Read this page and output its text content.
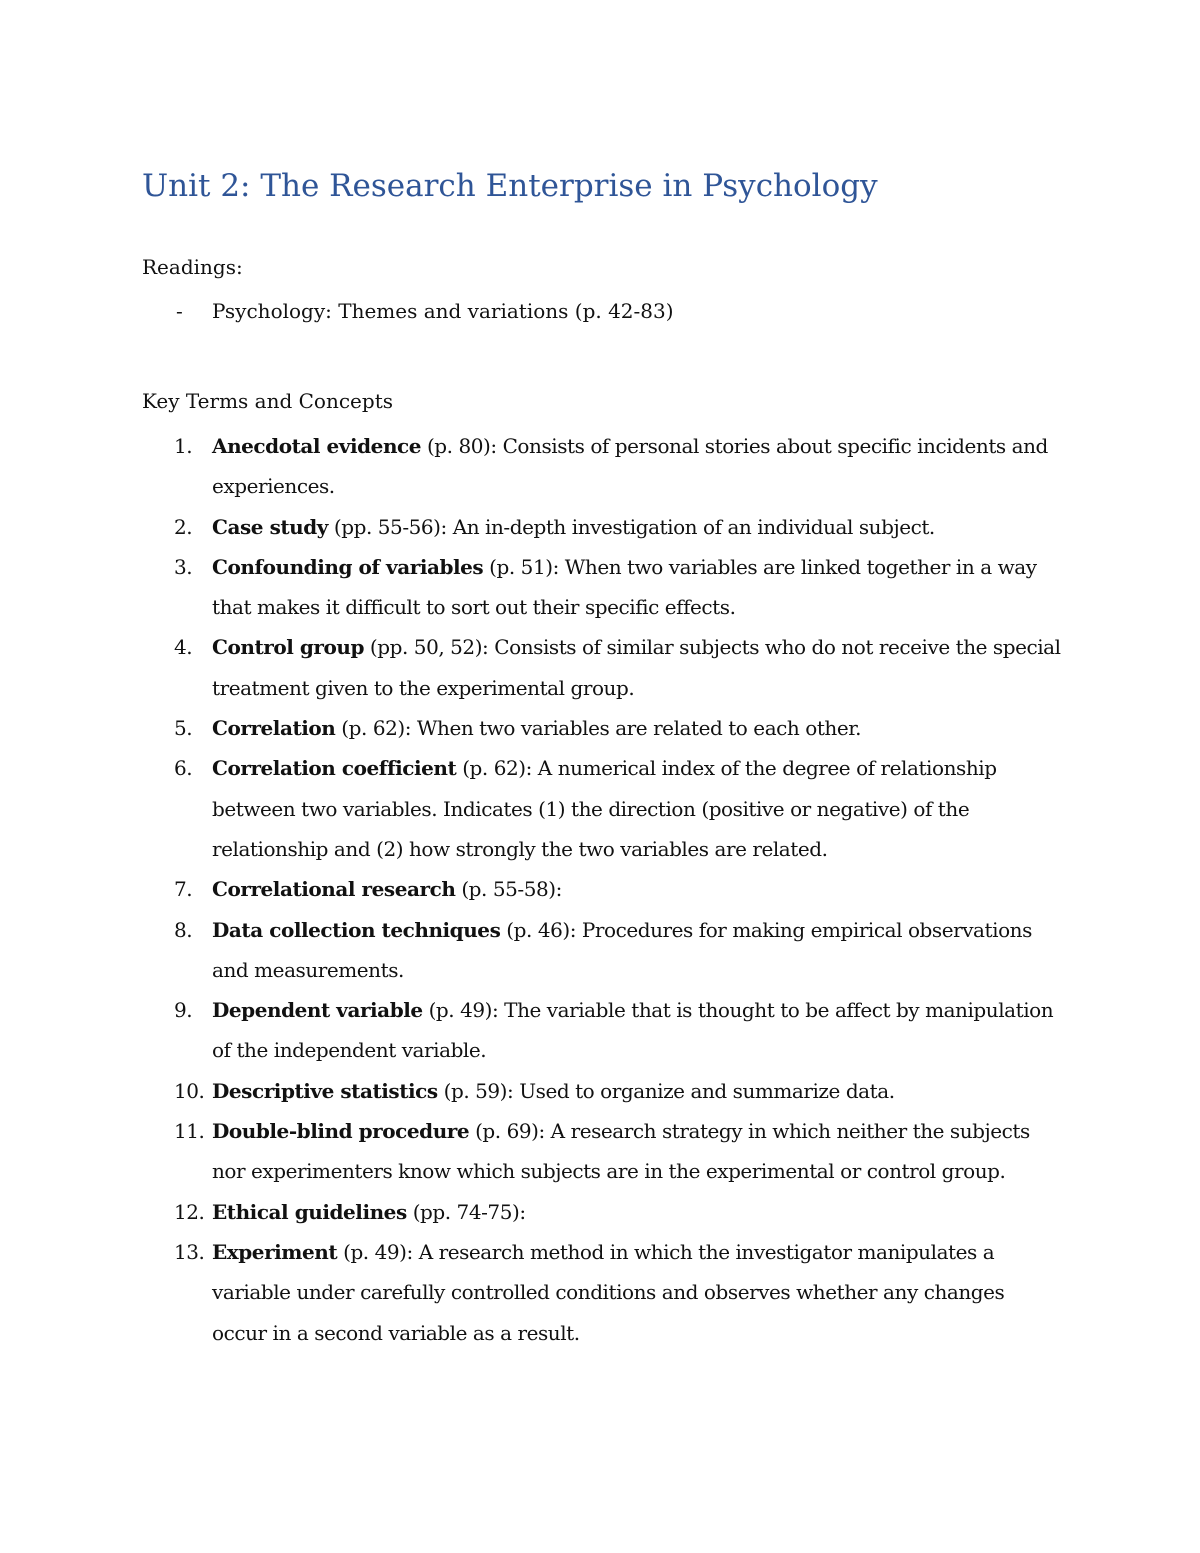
Unit 2: The Research Enterprise in Psychology

Readings:

- Psychology: Themes and variations (p. 42-83)

Key Terms and Concepts

1. Anecdotal evidence (p. 80): Consists of personal stories about specific incidents and experiences.
2. Case study (pp. 55-56): An in-depth investigation of an individual subject.
3. Confounding of variables (p. 51): When two variables are linked together in a way that makes it difficult to sort out their specific effects.
4. Control group (pp. 50, 52): Consists of similar subjects who do not receive the special treatment given to the experimental group.
5. Correlation (p. 62): When two variables are related to each other.
6. Correlation coefficient (p. 62): A numerical index of the degree of relationship between two variables. Indicates (1) the direction (positive or negative) of the relationship and (2) how strongly the two variables are related.
7. Correlational research (p. 55-58):
8. Data collection techniques (p. 46): Procedures for making empirical observations and measurements.
9. Dependent variable (p. 49): The variable that is thought to be affect by manipulation of the independent variable.
10. Descriptive statistics (p. 59): Used to organize and summarize data.
11. Double-blind procedure (p. 69): A research strategy in which neither the subjects nor experimenters know which subjects are in the experimental or control group.
12. Ethical guidelines (pp. 74-75):
13. Experiment (p. 49): A research method in which the investigator manipulates a variable under carefully controlled conditions and observes whether any changes occur in a second variable as a result.
